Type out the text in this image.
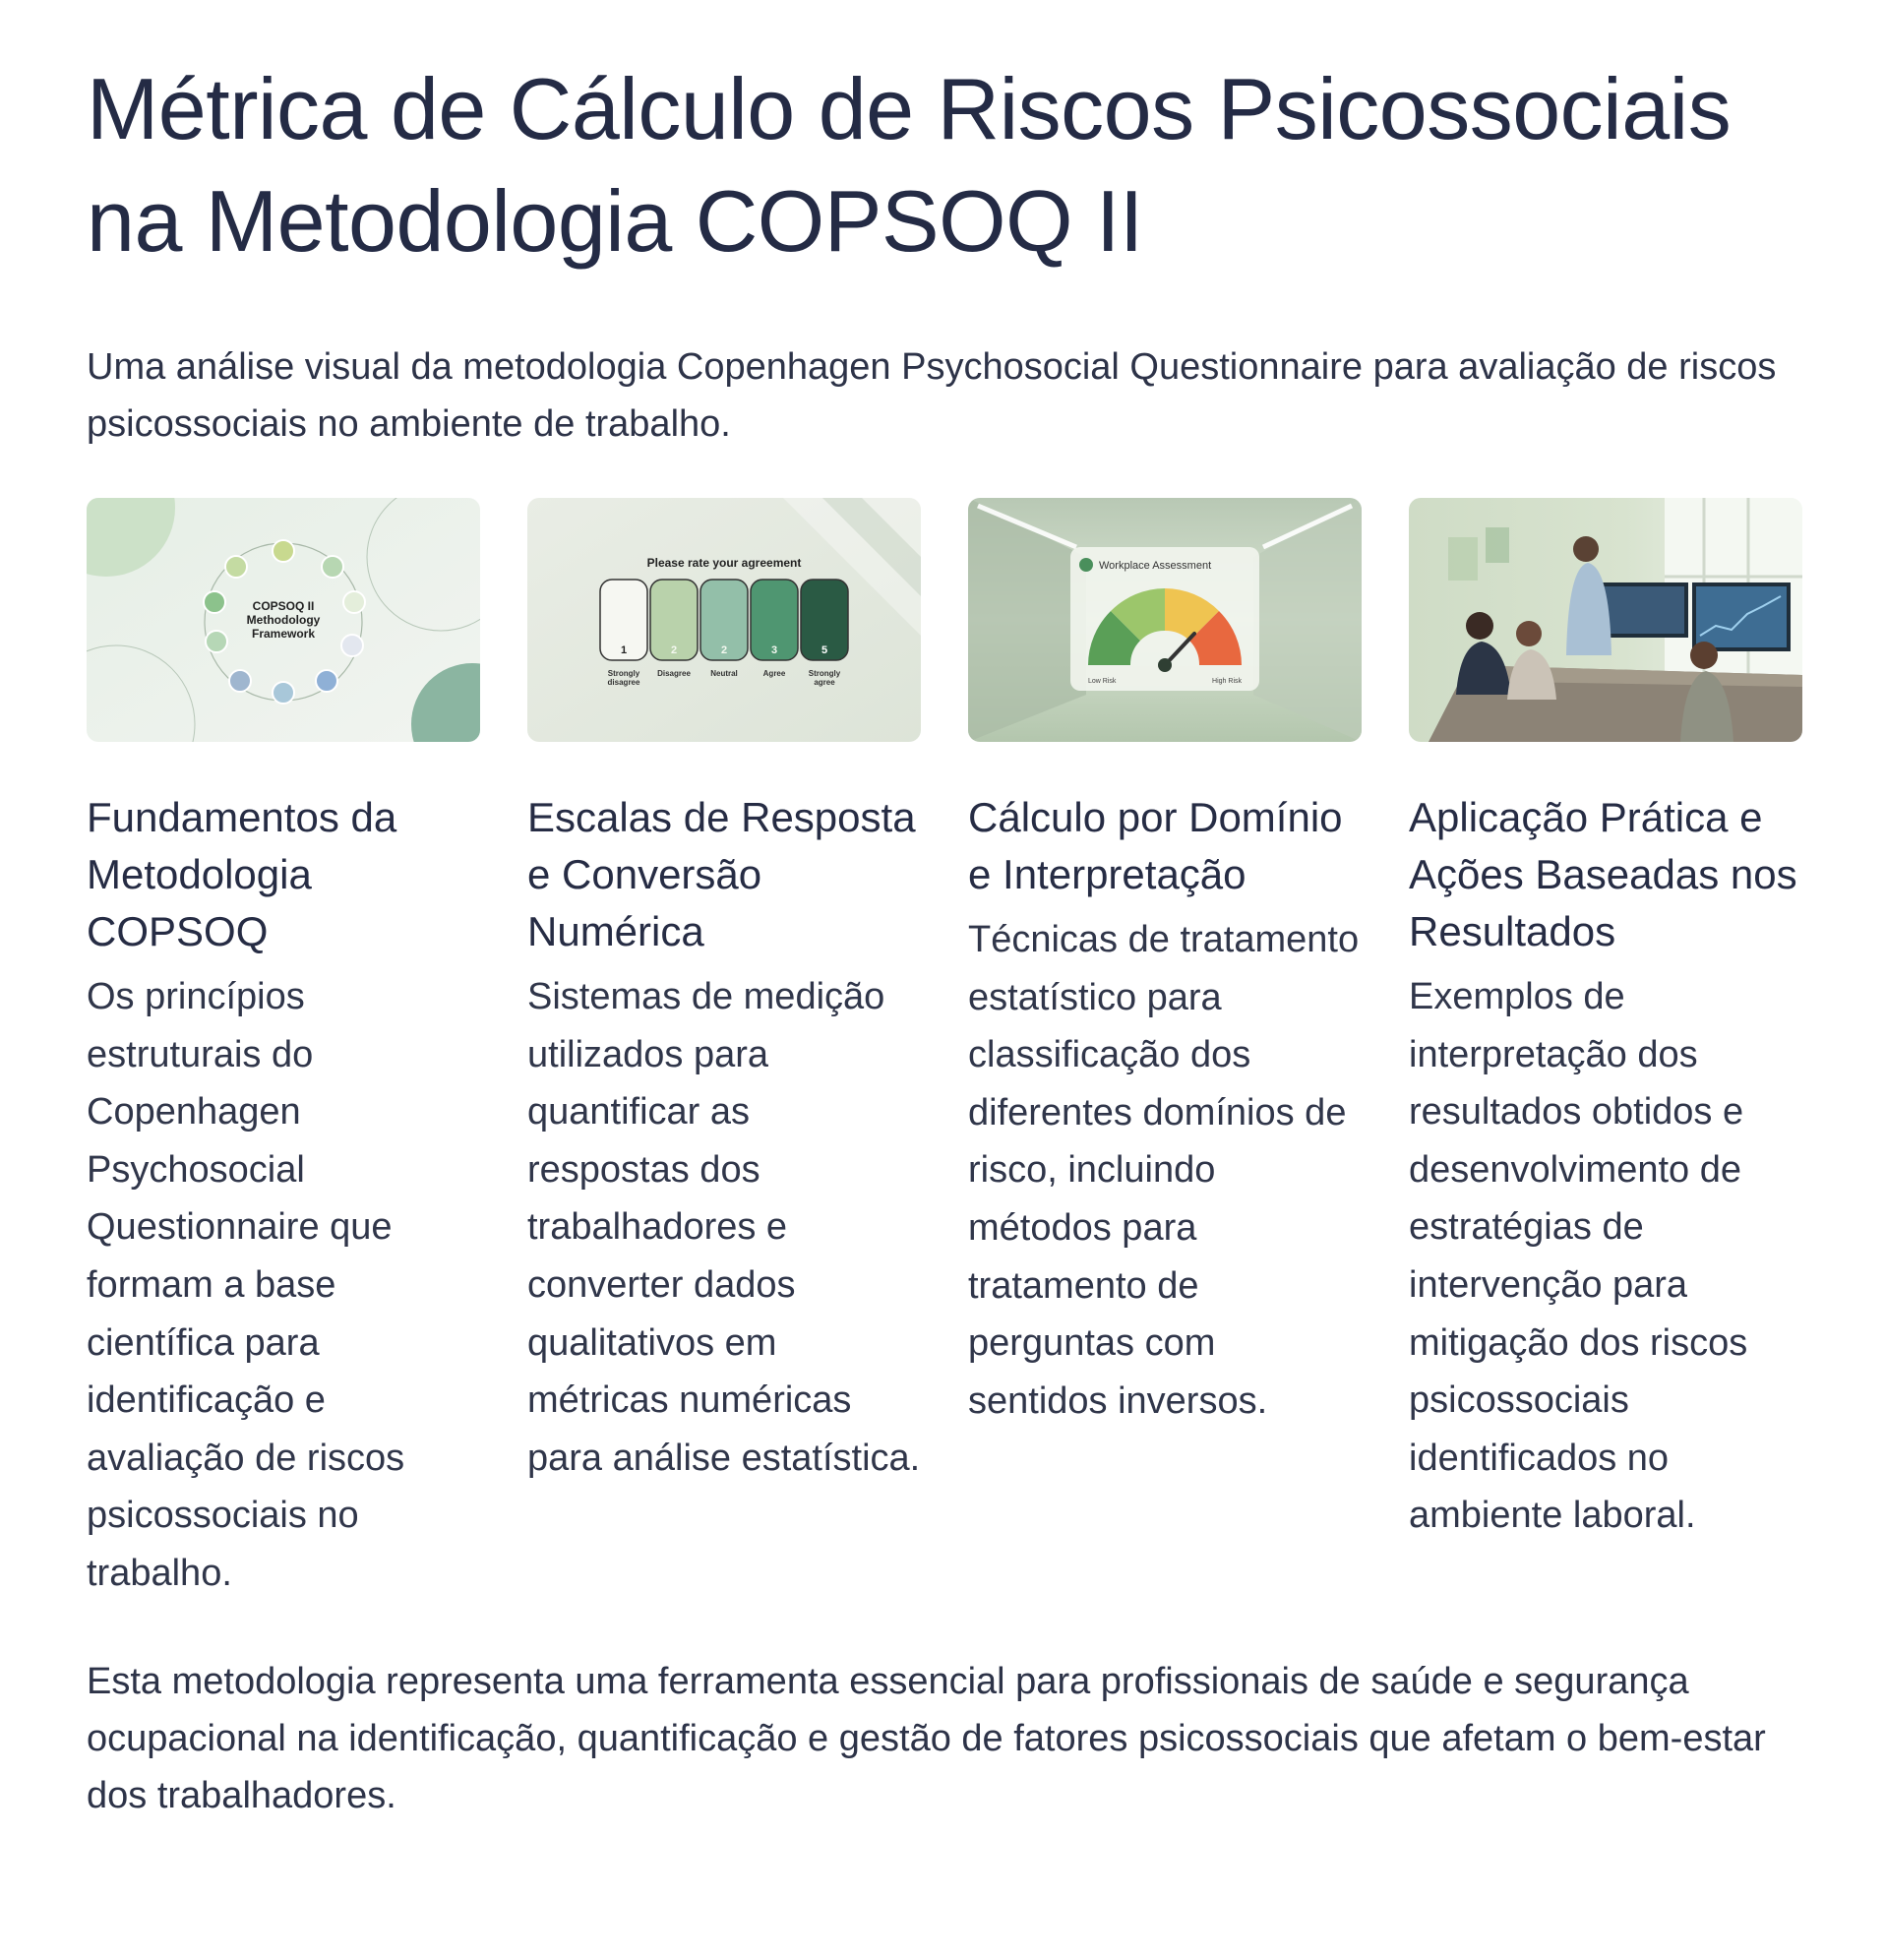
Métrica de Cálculo de Riscos Psicossociais na Metodologia COPSOQ II

Uma análise visual da metodologia Copenhagen Psychosocial Questionnaire para avaliação de riscos psicossociais no ambiente de trabalho.

COPSOQ II
Methodology
Framework
Fundamentos da Metodologia COPSOQ

Os princípios estruturais do Copenhagen Psychosocial Questionnaire que formam a base científica para identificação e avaliação de riscos psicossociais no trabalho.

Please rate your agreement
1	2	2	3	5
Strongly
disagree
Disagree	Neutral	Agree	Strongly
agree
Escalas de Resposta e Conversão Numérica

Sistemas de medição utilizados para quantificar as respostas dos trabalhadores e converter dados qualitativos em métricas numéricas para análise estatística.

Workplace Assessment
Low Risk	High Risk
Cálculo por Domínio e Interpretação

Técnicas de tratamento estatístico para classificação dos diferentes domínios de risco, incluindo métodos para tratamento de perguntas com sentidos inversos.

Aplicação Prática e Ações Baseadas nos Resultados

Exemplos de interpretação dos resultados obtidos e desenvolvimento de estratégias de intervenção para mitigação dos riscos psicossociais identificados no ambiente laboral.

Esta metodologia representa uma ferramenta essencial para profissionais de saúde e segurança ocupacional na identificação, quantificação e gestão de fatores psicossociais que afetam o bem-estar dos trabalhadores.
